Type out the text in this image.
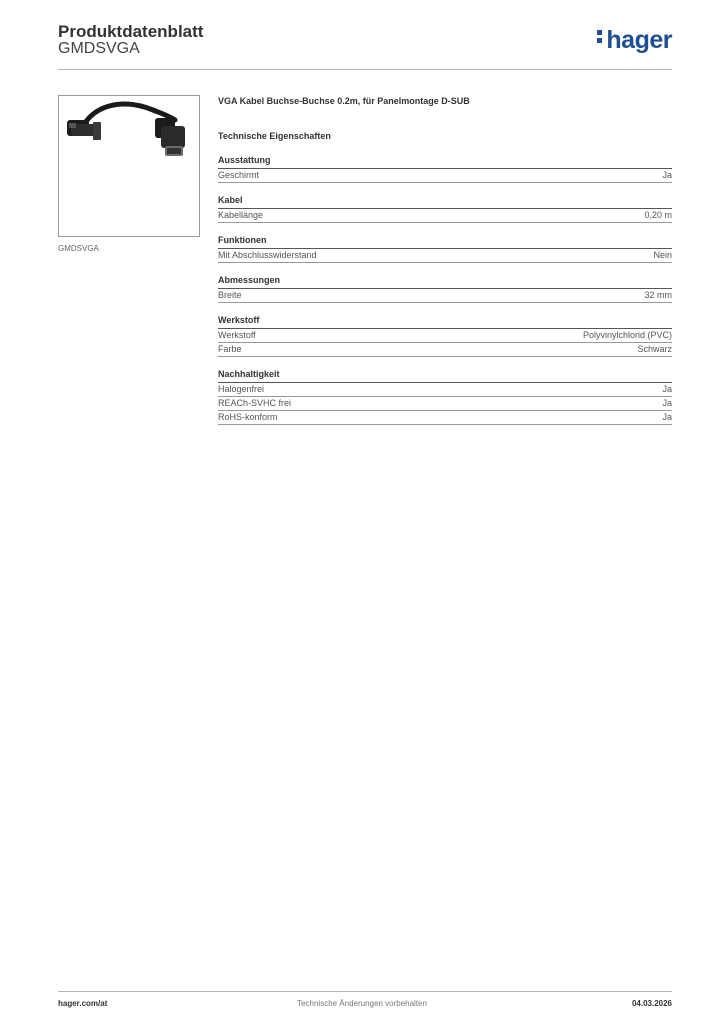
Produktdatenblatt
GMDSVGA	hager
GMDSVGA
VGA Kabel Buchse-Buchse 0.2m, für Panelmontage D-SUB
Technische Eigenschaften
Ausstattung
Geschirmt	Ja
Kabel
Kabellänge	0,20 m
Funktionen
Mit Abschlusswiderstand	Nein
Abmessungen
Breite	32 mm
Werkstoff
Werkstoff	Polyvinylchlorid (PVC)
Farbe	Schwarz
Nachhaltigkeit
Halogenfrei	Ja
REACh-SVHC frei	Ja
RoHS-konform	Ja
hager.com/at	Technische Änderungen vorbehalten	04.03.2026
